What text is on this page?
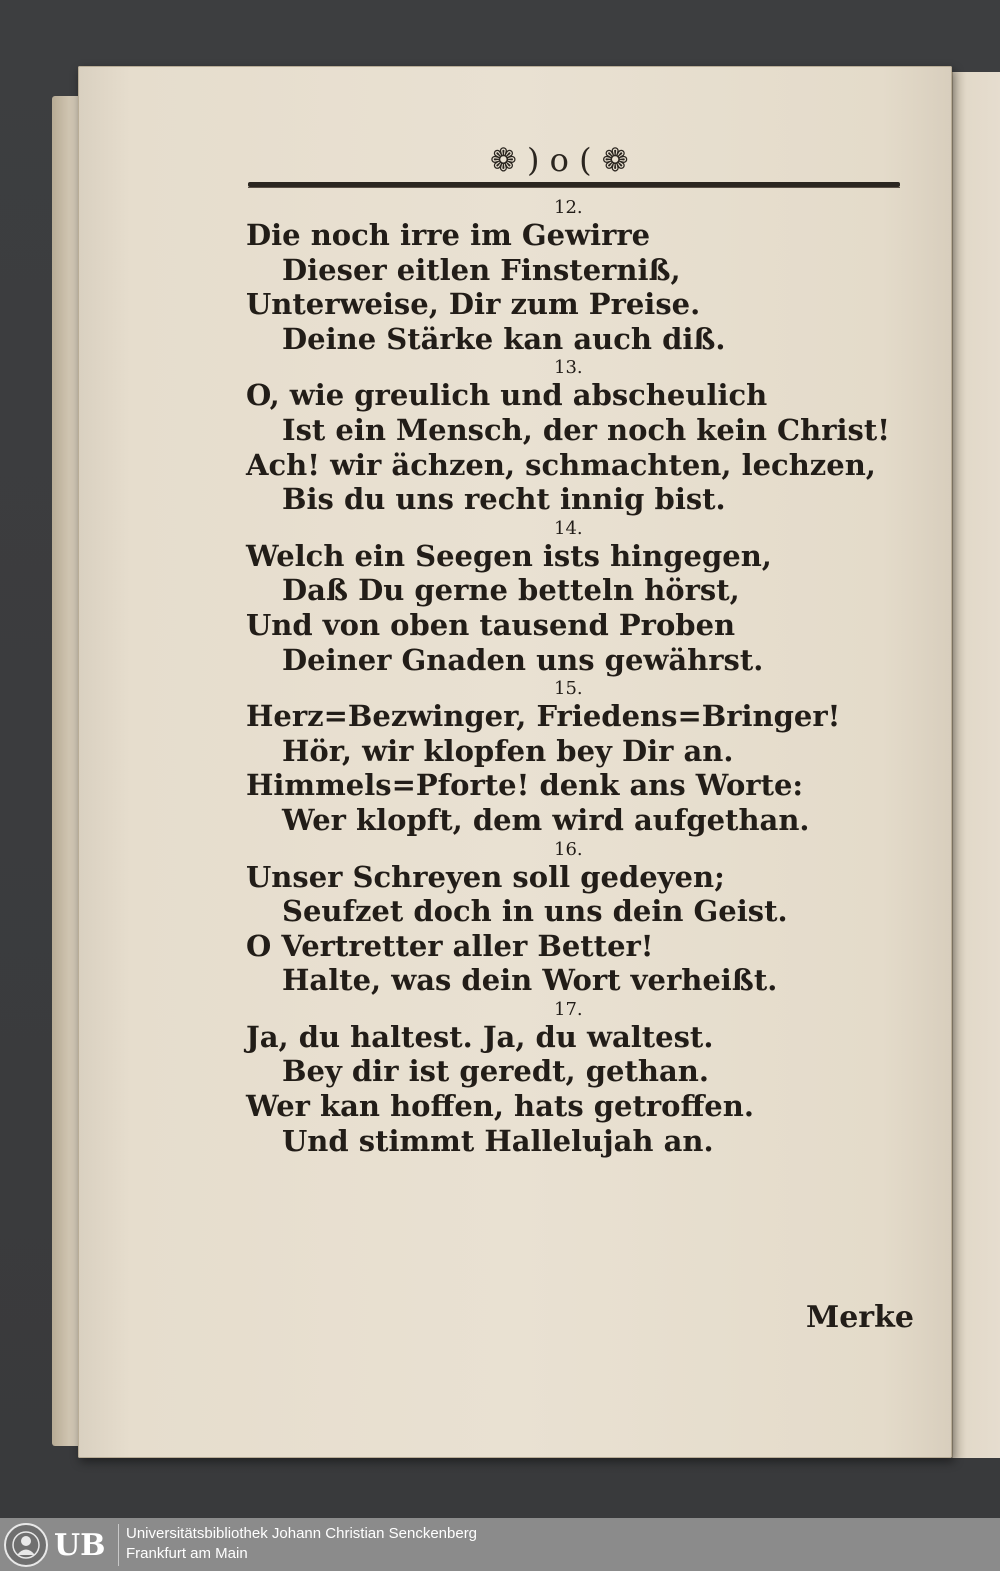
❁ ) o ( ❁
12.
Die noch irre im Gewirre
Dieser eitlen Finsterniß,
Unterweise, Dir zum Preise.
Deine Stärke kan auch diß.
13.
O, wie greulich und abscheulich
Ist ein Mensch, der noch kein Christ!
Ach! wir ächzen, schmachten, lechzen,
Bis du uns recht innig bist.
14.
Welch ein Seegen ists hingegen,
Daß Du gerne betteln hörst,
Und von oben tausend Proben
Deiner Gnaden uns gewährst.
15.
Herz=Bezwinger, Friedens=Bringer!
Hör, wir klopfen bey Dir an.
Himmels=Pforte! denk ans Worte:
Wer klopft, dem wird aufgethan.
16.
Unser Schreyen soll gedeyen;
Seufzet doch in uns dein Geist.
O Vertretter aller Better!
Halte, was dein Wort verheißt.
17.
Ja, du haltest. Ja, du waltest.
Bey dir ist geredt, gethan.
Wer kan hoffen, hats getroffen.
Und stimmt Hallelujah an.
Merke
UB Universitätsbibliothek Johann Christian Senckenberg
Frankfurt am Main
